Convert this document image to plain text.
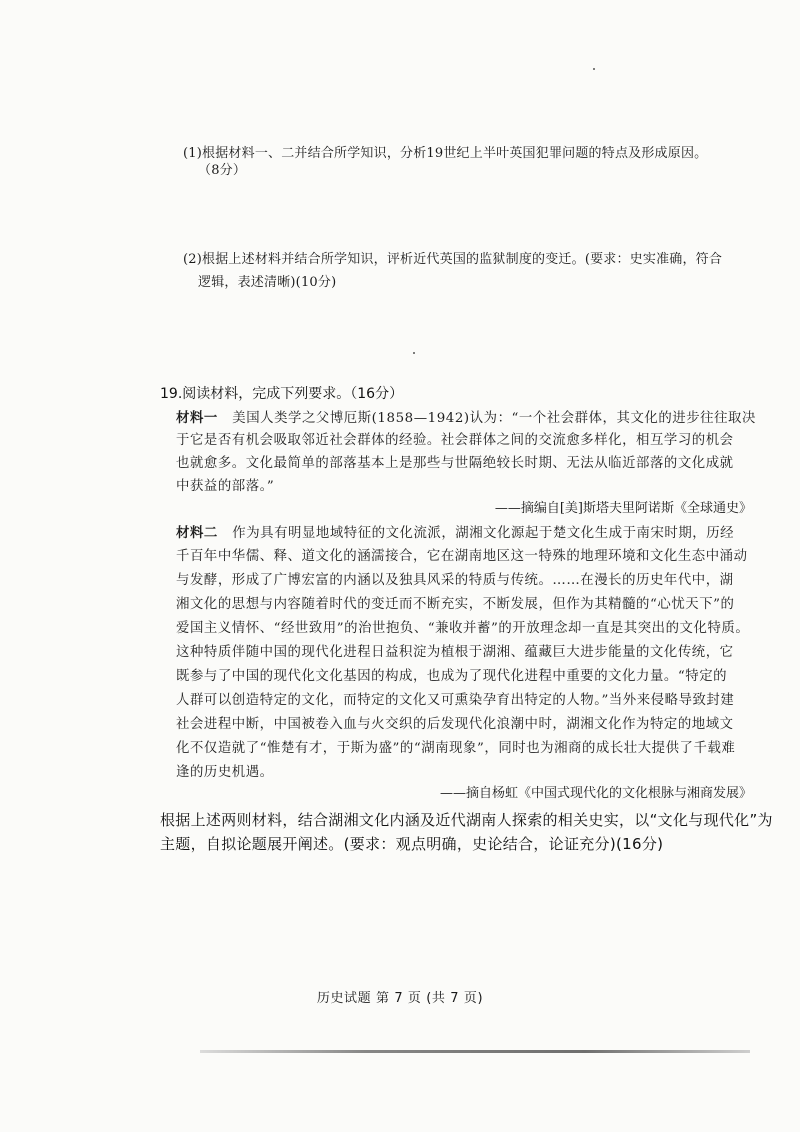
(1)根据材料一、二并结合所学知识，分析19世纪上半叶英国犯罪问题的特点及形成原因。
（8分）
(2)根据上述材料并结合所学知识，评析近代英国的监狱制度的变迁。(要求：史实准确，符合
逻辑，表述清晰)(10分)
19.阅读材料，完成下列要求。（16分）
材料一 美国人类学之父博厄斯(1858—1942)认为：“一个社会群体，其文化的进步往往取决
于它是否有机会吸取邻近社会群体的经验。社会群体之间的交流愈多样化，相互学习的机会
也就愈多。文化最简单的部落基本上是那些与世隔绝较长时期、无法从临近部落的文化成就
中获益的部落。”
——摘编自[美]斯塔夫里阿诺斯《全球通史》
材料二 作为具有明显地域特征的文化流派，湖湘文化源起于楚文化生成于南宋时期，历经
千百年中华儒、释、道文化的涵濡接合，它在湖南地区这一特殊的地理环境和文化生态中涌动
与发酵，形成了广博宏富的内涵以及独具风采的特质与传统。……在漫长的历史年代中，湖
湘文化的思想与内容随着时代的变迁而不断充实，不断发展，但作为其精髓的“心忧天下”的
爱国主义情怀、“经世致用”的治世抱负、“兼收并蓄”的开放理念却一直是其突出的文化特质。
这种特质伴随中国的现代化进程日益积淀为植根于湖湘、蕴藏巨大进步能量的文化传统，它
既参与了中国的现代化文化基因的构成，也成为了现代化进程中重要的文化力量。“特定的
人群可以创造特定的文化，而特定的文化又可熏染孕育出特定的人物。”当外来侵略导致封建
社会进程中断，中国被卷入血与火交织的后发现代化浪潮中时，湖湘文化作为特定的地域文
化不仅造就了“惟楚有才，于斯为盛”的“湖南现象”，同时也为湘商的成长壮大提供了千载难
逢的历史机遇。
——摘自杨虹《中国式现代化的文化根脉与湘商发展》
根据上述两则材料，结合湖湘文化内涵及近代湖南人探索的相关史实，以“文化与现代化”为
主题，自拟论题展开阐述。(要求：观点明确，史论结合，论证充分)(16分)
历史试题 第 7 页 (共 7 页)
